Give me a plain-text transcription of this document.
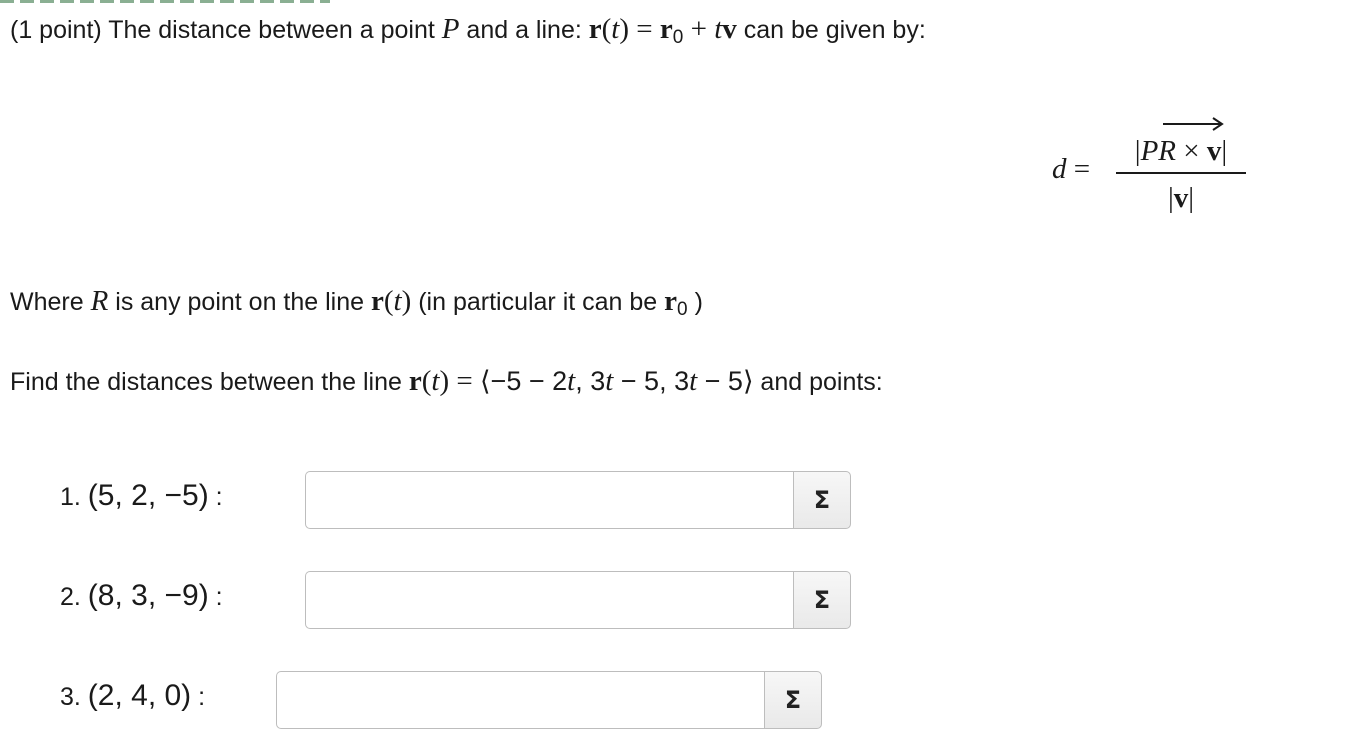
(1 point) The distance between a point P and a line: $r(t) = r_0$ + tv can be given by:
d =
|PR × v|
|v|
Where R is any point on the line r(t) (in particular it can be $r_0$ )
Find the distances between the line r(t) = ⟨−5 − 2t, 3t − 5, 3t − 5⟩ and points:
1. (5, 2, −5) :	Σ
2. (8, 3, −9) :	Σ
3. (2, 4, 0) :	Σ
